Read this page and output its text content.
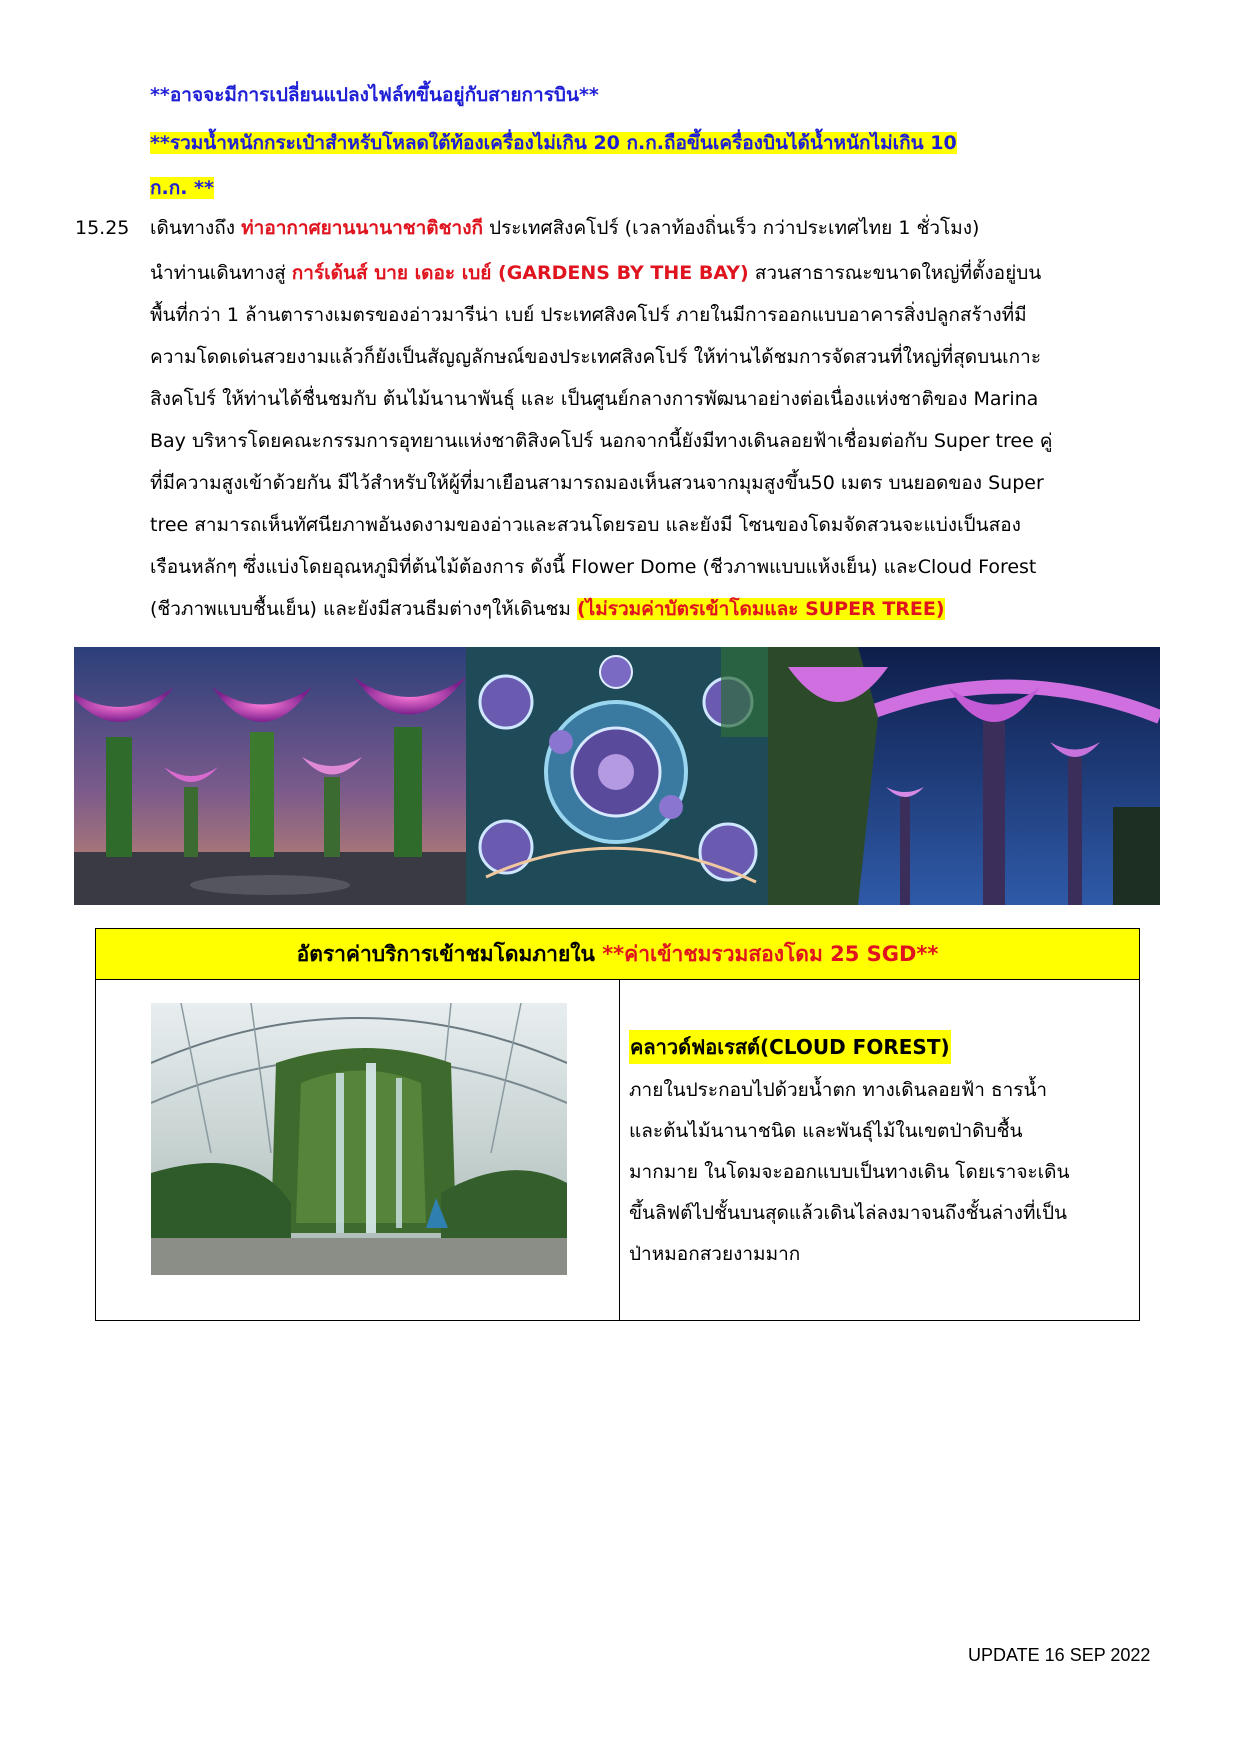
**อาจจะมีการเปลี่ยนแปลงไฟล์ทขึ้นอยู่กับสายการบิน**
**รวมน้ำหนักกระเป๋าสำหรับโหลดใต้ท้องเครื่องไม่เกิน 20 ก.ก.ถือขึ้นเครื่องบินได้น้ำหนักไม่เกิน 10
ก.ก. **
15.25 เดินทางถึง ท่าอากาศยานนานาชาติชางกี ประเทศสิงคโปร์ (เวลาท้องถิ่นเร็ว กว่าประเทศไทย 1 ชั่วโมง)
นำท่านเดินทางสู่ การ์เด้นส์ บาย เดอะ เบย์ (GARDENS BY THE BAY) สวนสาธารณะขนาดใหญ่ที่ตั้งอยู่บน
พื้นที่กว่า 1 ล้านตารางเมตรของอ่าวมารีน่า เบย์ ประเทศสิงคโปร์ ภายในมีการออกแบบอาคารสิ่งปลูกสร้างที่มี
ความโดดเด่นสวยงามแล้วก็ยังเป็นสัญญลักษณ์ของประเทศสิงคโปร์ ให้ท่านได้ชมการจัดสวนที่ใหญ่ที่สุดบนเกาะ
สิงคโปร์ ให้ท่านได้ชื่นชมกับ ต้นไม้นานาพันธุ์ และ เป็นศูนย์กลางการพัฒนาอย่างต่อเนื่องแห่งชาติของ Marina
Bay บริหารโดยคณะกรรมการอุทยานแห่งชาติสิงคโปร์ นอกจากนี้ยังมีทางเดินลอยฟ้าเชื่อมต่อกับ Super tree คู่
ที่มีความสูงเข้าด้วยกัน มีไว้สำหรับให้ผู้ที่มาเยือนสามารถมองเห็นสวนจากมุมสูงขึ้น50 เมตร บนยอดของ Super
tree สามารถเห็นทัศนียภาพอันงดงามของอ่าวและสวนโดยรอบ และยังมี โซนของโดมจัดสวนจะแบ่งเป็นสอง
เรือนหลักๆ ซึ่งแบ่งโดยอุณหภูมิที่ต้นไม้ต้องการ ดังนี้ Flower Dome (ชีวภาพแบบแห้งเย็น) และCloud Forest
(ชีวภาพแบบชื้นเย็น) และยังมีสวนธีมต่างๆให้เดินชม (ไม่รวมค่าบัตรเข้าโดมและ SUPER TREE)
อัตราค่าบริการเข้าชมโดมภายใน **ค่าเข้าชมรวมสองโดม 25 SGD**
คลาวด์ฟอเรสต์(CLOUD FOREST)
ภายในประกอบไปด้วยน้ำตก ทางเดินลอยฟ้า ธารน้ำ
และต้นไม้นานาชนิด และพันธุ์ไม้ในเขตป่าดิบชื้น
มากมาย ในโดมจะออกแบบเป็นทางเดิน โดยเราจะเดิน
ขึ้นลิฟต์ไปชั้นบนสุดแล้วเดินไล่ลงมาจนถึงชั้นล่างที่เป็น
ป่าหมอกสวยงามมาก
UPDATE 16 SEP 2022
